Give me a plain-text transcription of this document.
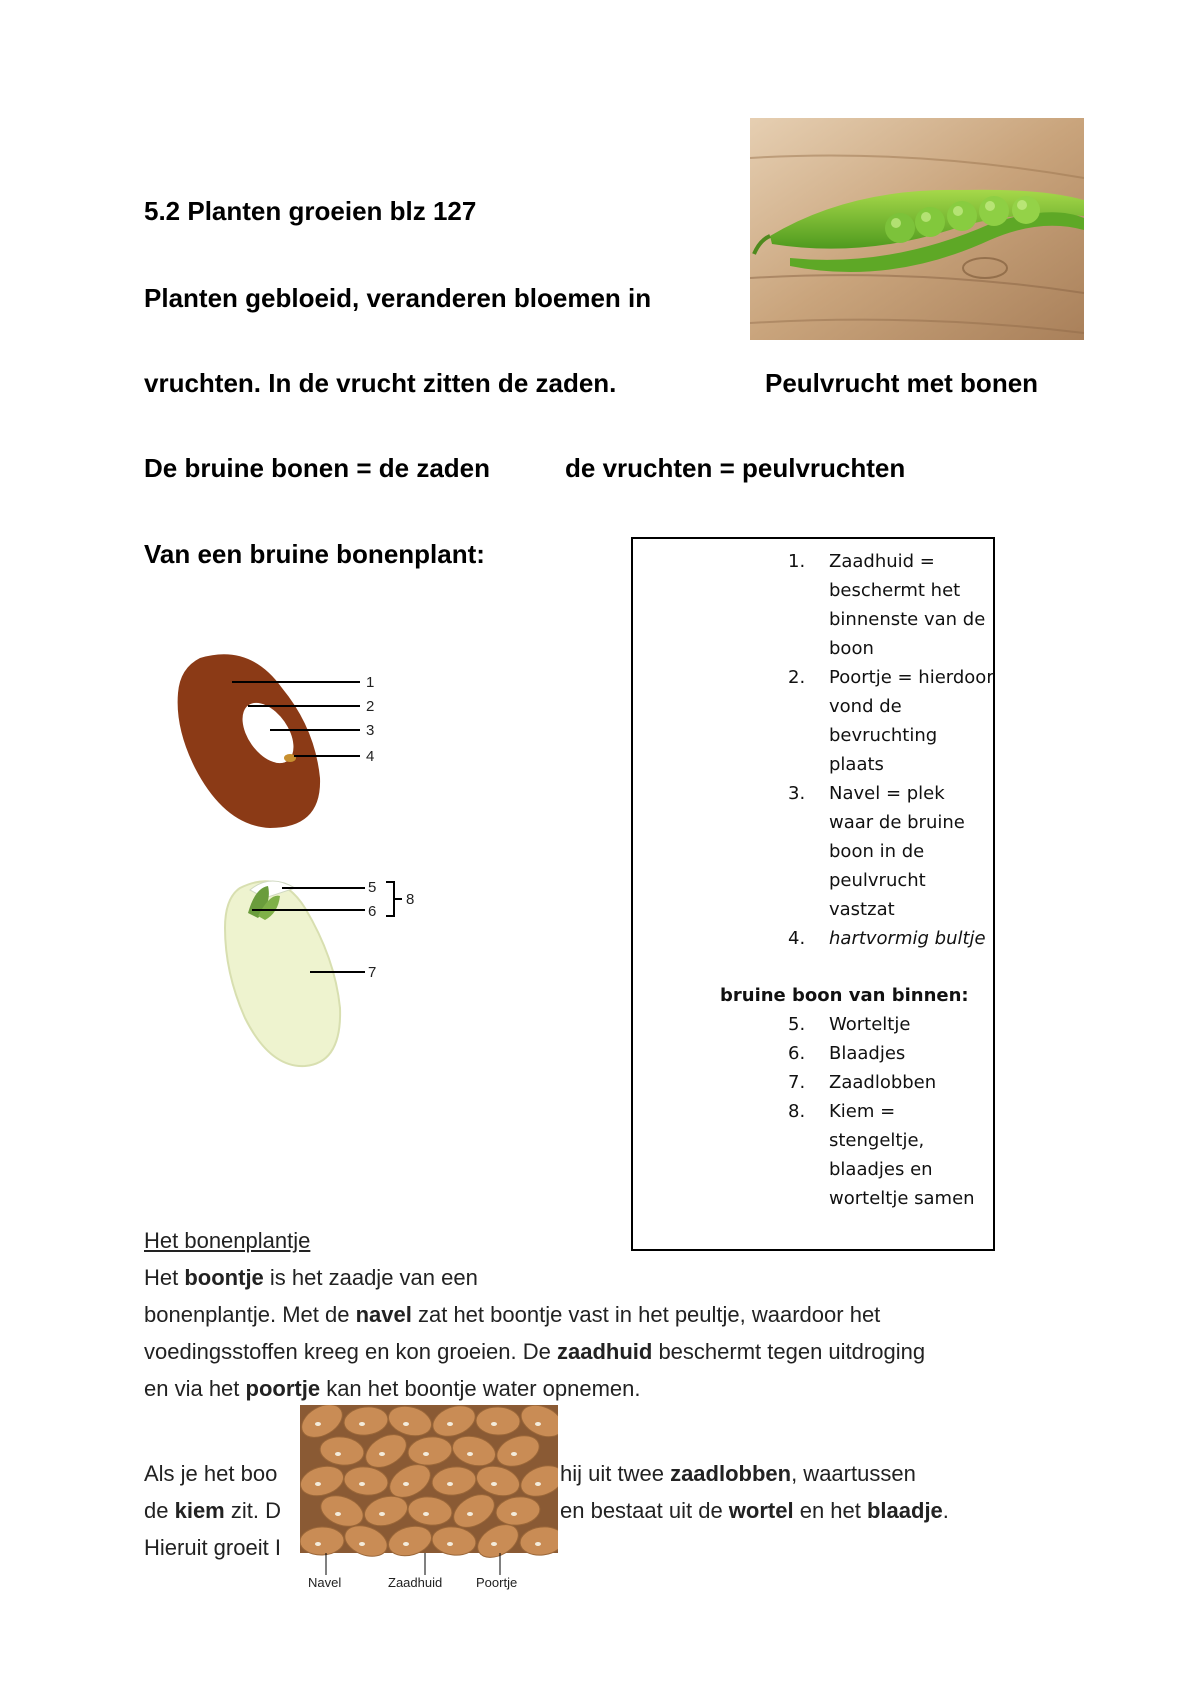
5.2 Planten groeien blz 127
Planten gebloeid, veranderen bloemen in
vruchten. In de vrucht zitten de zaden.	Peulvrucht met bonen
De bruine bonen = de zaden	de vruchten = peulvruchten
Van een bruine bonenplant:
1
2
3
4
5
6
7
8
1. Zaadhuid = beschermt het binnenste van de boon
2. Poortje = hierdoor vond de bevruchting plaats
3. Navel = plek waar de bruine boon in de peulvrucht vastzat
4. hartvormig bultje
bruine boon van binnen:
5. Worteltje
6. Blaadjes
7. Zaadlobben
8. Kiem = stengeltje, blaadjes en worteltje samen
Het bonenplantje
Het boontje is het zaadje van een
bonenplantje. Met de navel zat het boontje vast in het peultje, waardoor het
voedingsstoffen kreeg en kon groeien. De zaadhuid beschermt tegen uitdroging
en via het poortje kan het boontje water opnemen.
Als je het boo	hij uit twee zaadlobben, waartussen
de kiem zit. D	en bestaat uit de wortel en het blaadje.
Hieruit groeit I
Navel	Zaadhuid	Poortje
